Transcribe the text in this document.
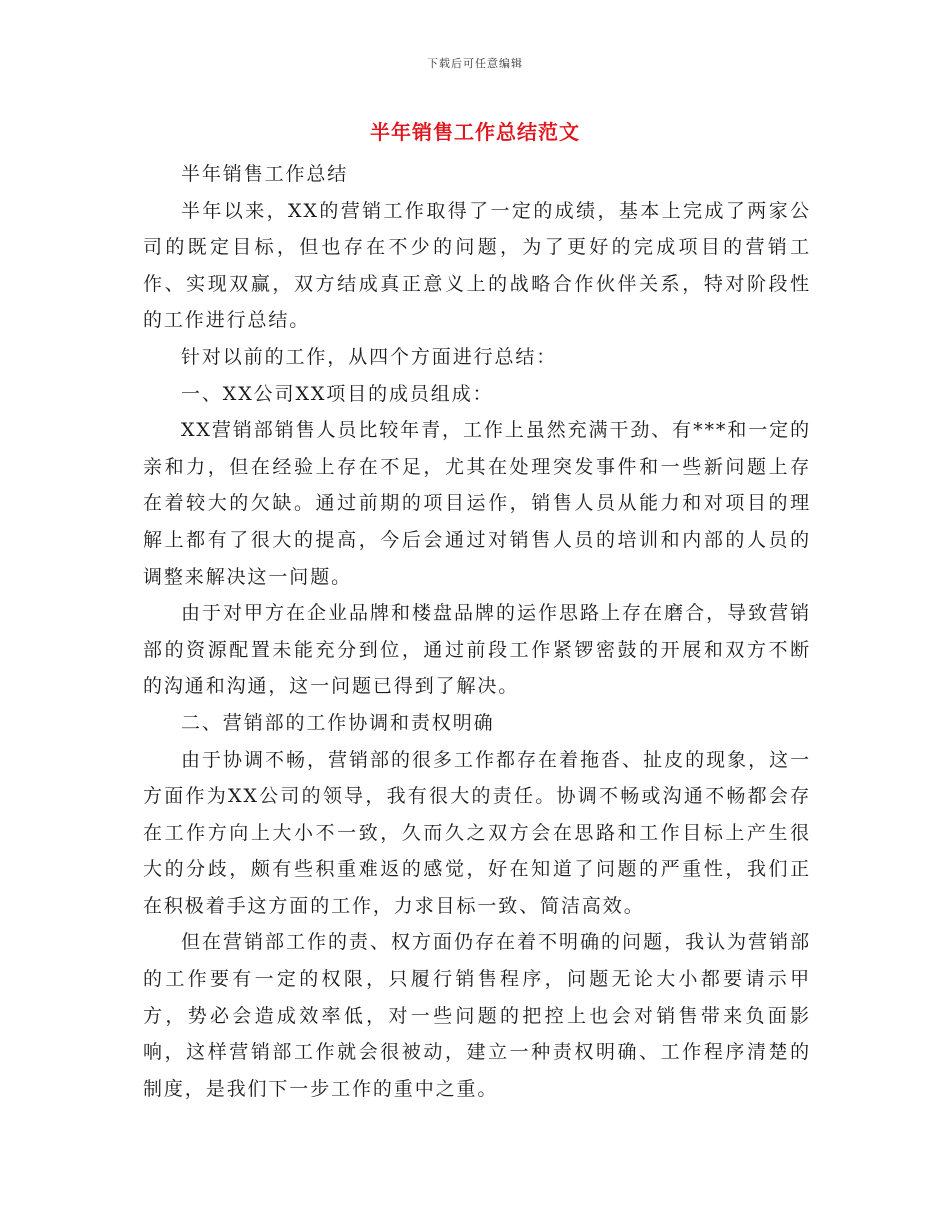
下载后可任意编辑
半年销售工作总结范文

半年销售工作总结

半年以来，XX的营销工作取得了一定的成绩，基本上完成了两家公司的既定目标，但也存在不少的问题，为了更好的完成项目的营销工作、实现双赢，双方结成真正意义上的战略合作伙伴关系，特对阶段性的工作进行总结。

针对以前的工作，从四个方面进行总结：

一、XX公司XX项目的成员组成：

XX营销部销售人员比较年青，工作上虽然充满干劲、有***和一定的亲和力，但在经验上存在不足，尤其在处理突发事件和一些新问题上存在着较大的欠缺。通过前期的项目运作，销售人员从能力和对项目的理解上都有了很大的提高，今后会通过对销售人员的培训和内部的人员的调整来解决这一问题。

由于对甲方在企业品牌和楼盘品牌的运作思路上存在磨合，导致营销部的资源配置未能充分到位，通过前段工作紧锣密鼓的开展和双方不断的沟通和沟通，这一问题已得到了解决。

二、营销部的工作协调和责权明确

由于协调不畅，营销部的很多工作都存在着拖沓、扯皮的现象，这一方面作为XX公司的领导，我有很大的责任。协调不畅或沟通不畅都会存在工作方向上大小不一致，久而久之双方会在思路和工作目标上产生很大的分歧，颇有些积重难返的感觉，好在知道了问题的严重性，我们正在积极着手这方面的工作，力求目标一致、简洁高效。

但在营销部工作的责、权方面仍存在着不明确的问题，我认为营销部的工作要有一定的权限，只履行销售程序，问题无论大小都要请示甲方，势必会造成效率低，对一些问题的把控上也会对销售带来负面影响，这样营销部工作就会很被动，建立一种责权明确、工作程序清楚的制度，是我们下一步工作的重中之重。
